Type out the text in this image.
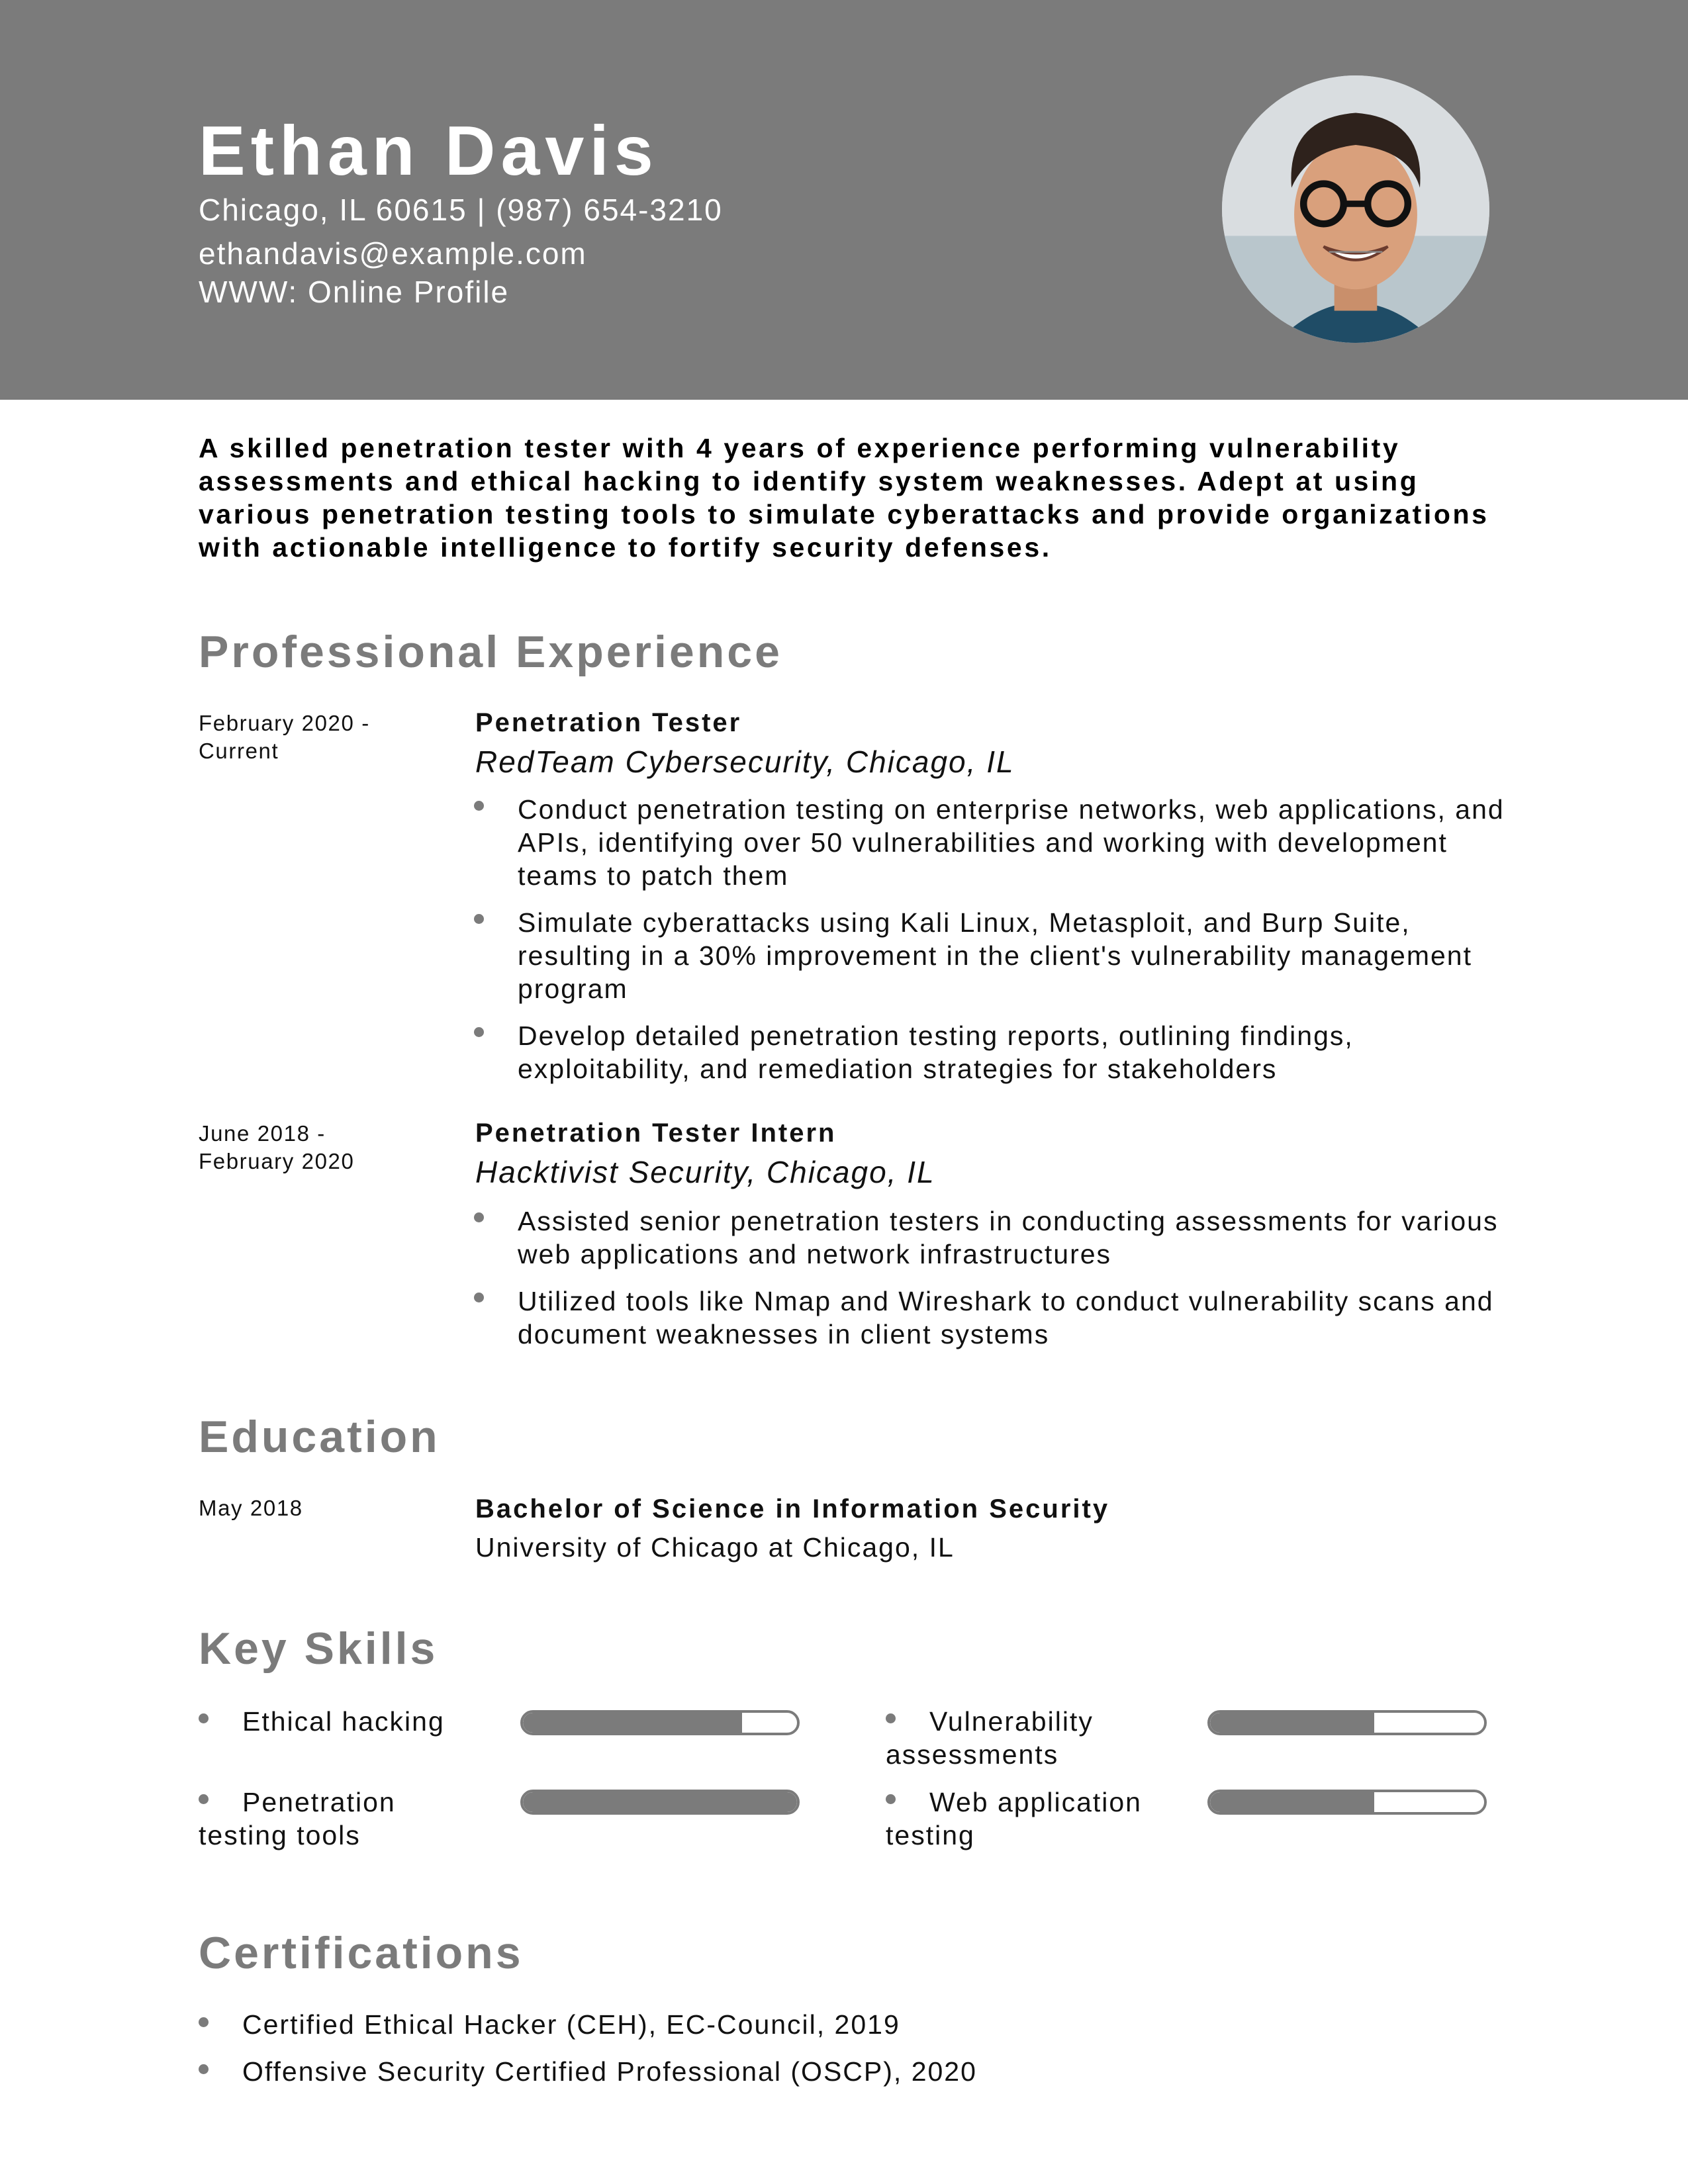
Ethan Davis
Chicago, IL 60615 | (987) 654-3210
ethandavis@example.com
WWW: Online Profile
A skilled penetration tester with 4 years of experience performing vulnerability assessments and ethical hacking to identify system weaknesses. Adept at using various penetration testing tools to simulate cyberattacks and provide organizations with actionable intelligence to fortify security defenses.
Professional Experience
February 2020 -
Current
Penetration Tester
RedTeam Cybersecurity, Chicago, IL
Conduct penetration testing on enterprise networks, web applications, and APIs, identifying over 50 vulnerabilities and working with development teams to patch them
Simulate cyberattacks using Kali Linux, Metasploit, and Burp Suite, resulting in a 30% improvement in the client's vulnerability management program
Develop detailed penetration testing reports, outlining findings, exploitability, and remediation strategies for stakeholders
June 2018 -
February 2020
Penetration Tester Intern
Hacktivist Security, Chicago, IL
Assisted senior penetration testers in conducting assessments for various web applications and network infrastructures
Utilized tools like Nmap and Wireshark to conduct vulnerability scans and document weaknesses in client systems
Education
May 2018	Bachelor of Science in Information Security
University of Chicago at Chicago, IL
Key Skills
Ethical hacking	Vulnerability assessments
Penetration testing tools
Web application testing
Certifications
Certified Ethical Hacker (CEH), EC-Council, 2019
Offensive Security Certified Professional (OSCP), 2020
